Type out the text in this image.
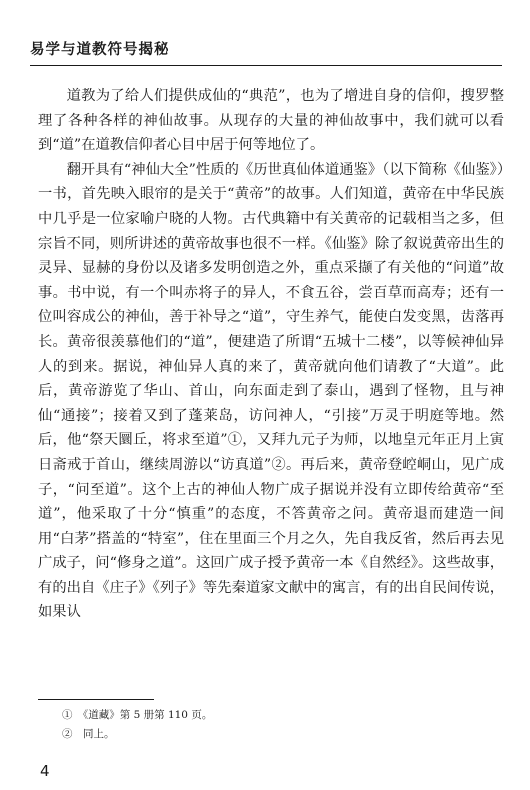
易学与道教符号揭秘

道教为了给人们提供成仙的“典范”，也为了增进自身的信仰，搜罗整理了各种各样的神仙故事。从现存的大量的神仙故事中，我们就可以看到“道”在道教信仰者心目中居于何等地位了。

翻开具有“神仙大全”性质的《历世真仙体道通鉴》（以下简称《仙鉴》）一书，首先映入眼帘的是关于“黄帝”的故事。人们知道，黄帝在中华民族中几乎是一位家喻户晓的人物。古代典籍中有关黄帝的记载相当之多，但宗旨不同，则所讲述的黄帝故事也很不一样。《仙鉴》除了叙说黄帝出生的灵异、显赫的身份以及诸多发明创造之外，重点采撷了有关他的“问道”故事。书中说，有一个叫赤将子的异人，不食五谷，尝百草而高寿；还有一位叫容成公的神仙，善于补导之“道”，守生养气，能使白发变黑，齿落再长。黄帝很羡慕他们的“道”，便建造了所谓“五城十二楼”，以等候神仙异人的到来。据说，神仙异人真的来了，黄帝就向他们请教了“大道”。此后，黄帝游览了华山、首山，向东面走到了泰山，遇到了怪物，且与神仙“通接”；接着又到了蓬莱岛，访问神人，“引接”万灵于明庭等地。然后，他“祭天圜丘，将求至道”①，又拜九元子为师，以地皇元年正月上寅日斋戒于首山，继续周游以“访真道”②。再后来，黄帝登崆峒山，见广成子，“问至道”。这个上古的神仙人物广成子据说并没有立即传给黄帝“至道”，他采取了十分“慎重”的态度，不答黄帝之问。黄帝退而建造一间用“白茅”搭盖的“特室”，住在里面三个月之久，先自我反省，然后再去见广成子，问“修身之道”。这回广成子授予黄帝一本《自然经》。这些故事，有的出自《庄子》《列子》等先秦道家文献中的寓言，有的出自民间传说，如果认

①　《道藏》第 5 册第 110 页。
②　同上。
4
